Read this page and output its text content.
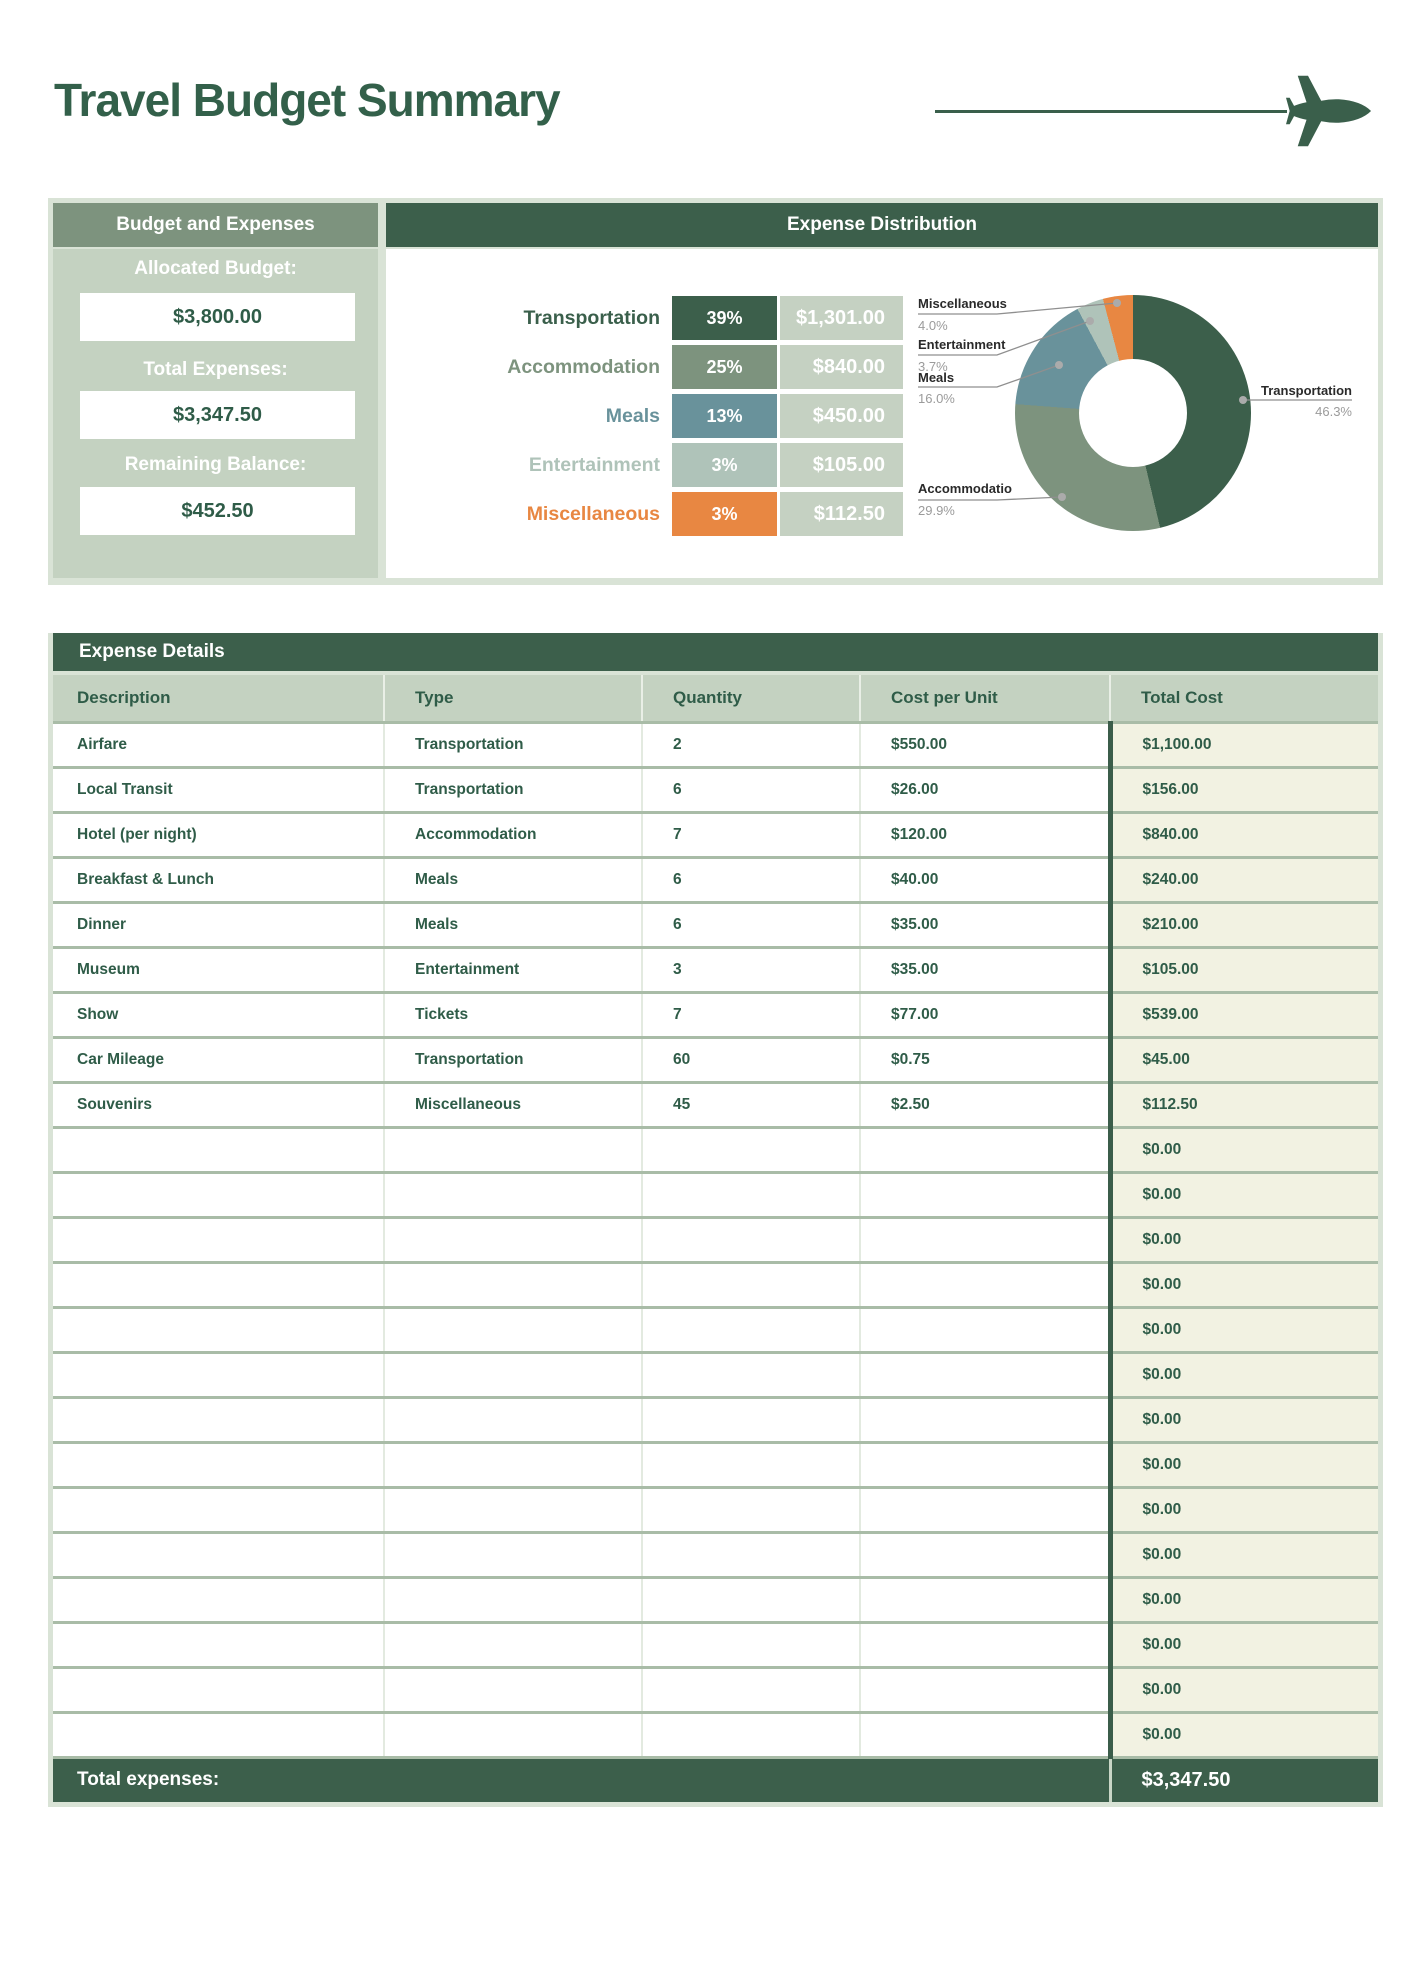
Travel Budget Summary
Budget and Expenses
Allocated Budget:
$3,800.00
Total Expenses:
$3,347.50
Remaining Balance:
$452.50
Expense Distribution
Transportation	39%	$1,301.00
Accommodation	25%	$840.00
Meals	13%	$450.00
Entertainment	3%	$105.00
Miscellaneous	3%	$112.50
Miscellaneous
4.0%
Entertainment
3.7%
Meals
16.0%
Accommodatio
29.9%
Transportation
46.3%
Expense Details
Description	Type	Quantity	Cost per Unit	Total Cost
Airfare	Transportation	2	$550.00	$1,100.00
Local Transit	Transportation	6	$26.00	$156.00
Hotel (per night)	Accommodation	7	$120.00	$840.00
Breakfast & Lunch	Meals	6	$40.00	$240.00
Dinner	Meals	6	$35.00	$210.00
Museum	Entertainment	3	$35.00	$105.00
Show	Tickets	7	$77.00	$539.00
Car Mileage	Transportation	60	$0.75	$45.00
Souvenirs	Miscellaneous	45	$2.50	$112.50
				$0.00
				$0.00
				$0.00
				$0.00
				$0.00
				$0.00
				$0.00
				$0.00
				$0.00
				$0.00
				$0.00
				$0.00
				$0.00
				$0.00
Total expenses:				$3,347.50
